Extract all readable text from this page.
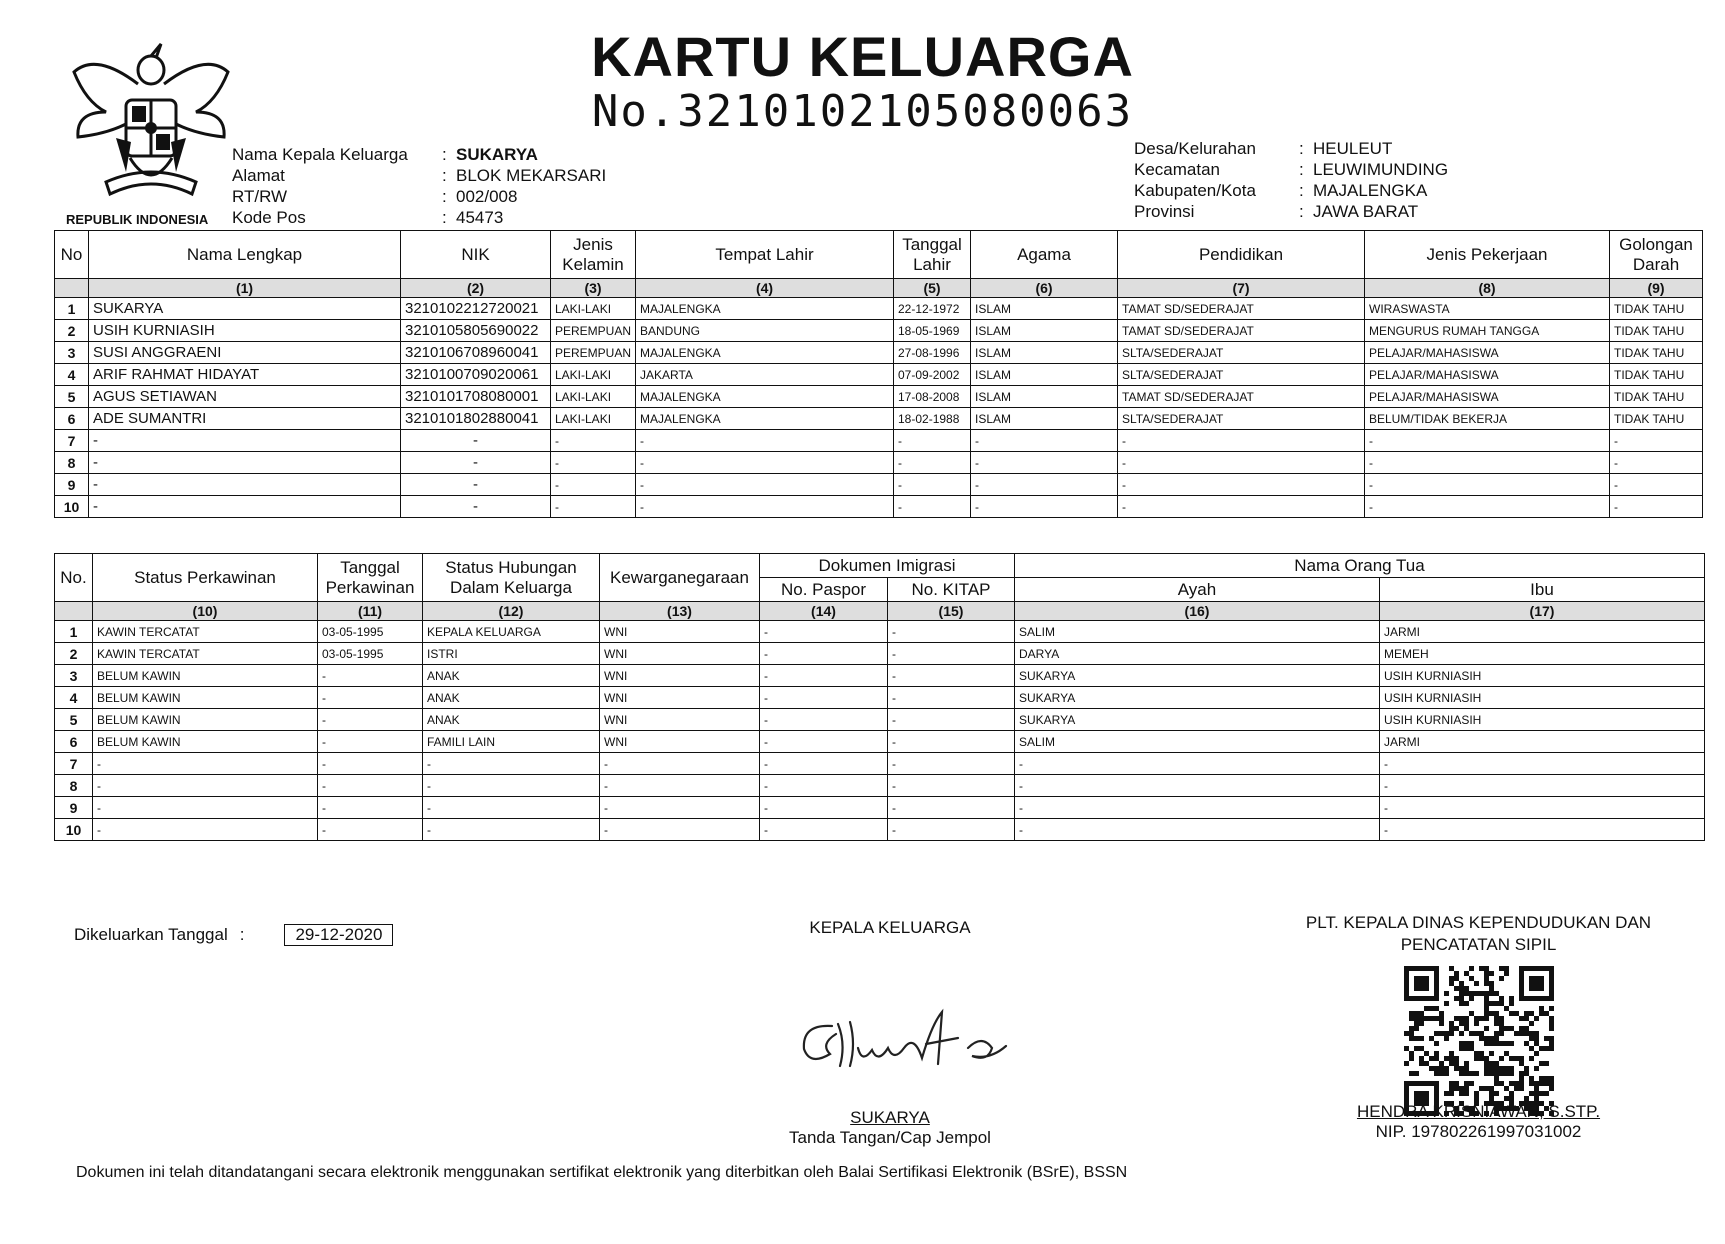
KARTU KELUARGA
No.3210102105080063
REPUBLIK INDONESIA
Nama Kepala Keluarga	: SUKARYA
Alamat	: BLOK MEKARSARI
RT/RW	: 002/008
Kode Pos	: 45473
Desa/Kelurahan	: HEULEUT
Kecamatan	: LEUWIMUNDING
Kabupaten/Kota	: MAJALENGKA
Provinsi	: JAWA BARAT
No	Nama Lengkap	NIK	Jenis Kelamin	Tempat Lahir	Tanggal Lahir	Agama	Pendidikan	Jenis Pekerjaan	Golongan Darah
	(1)	(2)	(3)	(4)	(5)	(6)	(7)	(8)	(9)
1	SUKARYA	3210102212720021	LAKI-LAKI	MAJALENGKA	22-12-1972	ISLAM	TAMAT SD/SEDERAJAT	WIRASWASTA	TIDAK TAHU
2	USIH KURNIASIH	3210105805690022	PEREMPUAN	BANDUNG	18-05-1969	ISLAM	TAMAT SD/SEDERAJAT	MENGURUS RUMAH TANGGA	TIDAK TAHU
3	SUSI ANGGRAENI	3210106708960041	PEREMPUAN	MAJALENGKA	27-08-1996	ISLAM	SLTA/SEDERAJAT	PELAJAR/MAHASISWA	TIDAK TAHU
4	ARIF RAHMAT HIDAYAT	3210100709020061	LAKI-LAKI	JAKARTA	07-09-2002	ISLAM	SLTA/SEDERAJAT	PELAJAR/MAHASISWA	TIDAK TAHU
5	AGUS SETIAWAN	3210101708080001	LAKI-LAKI	MAJALENGKA	17-08-2008	ISLAM	TAMAT SD/SEDERAJAT	PELAJAR/MAHASISWA	TIDAK TAHU
6	ADE SUMANTRI	3210101802880041	LAKI-LAKI	MAJALENGKA	18-02-1988	ISLAM	SLTA/SEDERAJAT	BELUM/TIDAK BEKERJA	TIDAK TAHU
7	-	-	-	-	-	-	-	-	-
8	-	-	-	-	-	-	-	-	-
9	-	-	-	-	-	-	-	-	-
10	-	-	-	-	-	-	-	-	-
No.	Status Perkawinan	Tanggal Perkawinan	Status Hubungan Dalam Keluarga	Kewarganegaraan	Dokumen Imigrasi		Nama Orang Tua	
					No. Paspor	No. KITAP	Ayah	Ibu
	(10)	(11)	(12)	(13)	(14)	(15)	(16)	(17)
1	KAWIN TERCATAT	03-05-1995	KEPALA KELUARGA	WNI	-	-	SALIM	JARMI
2	KAWIN TERCATAT	03-05-1995	ISTRI	WNI	-	-	DARYA	MEMEH
3	BELUM KAWIN	-	ANAK	WNI	-	-	SUKARYA	USIH KURNIASIH
4	BELUM KAWIN	-	ANAK	WNI	-	-	SUKARYA	USIH KURNIASIH
5	BELUM KAWIN	-	ANAK	WNI	-	-	SUKARYA	USIH KURNIASIH
6	BELUM KAWIN	-	FAMILI LAIN	WNI	-	-	SALIM	JARMI
7	-	-	-	-	-	-	-	-
8	-	-	-	-	-	-	-	-
9	-	-	-	-	-	-	-	-
10	-	-	-	-	-	-	-	-
Dikeluarkan Tanggal :	29-12-2020	KEPALA KELUARGA
SUKARYA
Tanda Tangan/Cap Jempol
PLT. KEPALA DINAS KEPENDUDUKAN DAN PENCATATAN SIPIL
HENDRA KRISNIAWAN, S.STP.
NIP. 197802261997031002
Dokumen ini telah ditandatangani secara elektronik menggunakan sertifikat elektronik yang diterbitkan oleh Balai Sertifikasi Elektronik (BSrE), BSSN
